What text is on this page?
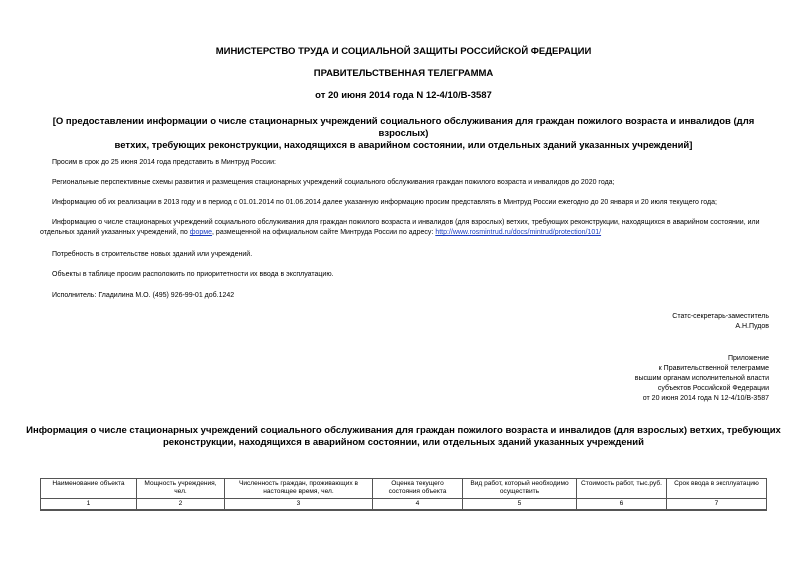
МИНИСТЕРСТВО ТРУДА И СОЦИАЛЬНОЙ ЗАЩИТЫ РОССИЙСКОЙ ФЕДЕРАЦИИ
ПРАВИТЕЛЬСТВЕННАЯ ТЕЛЕГРАММА
от 20 июня 2014 года N 12-4/10/В-3587
[О предоставлении информации о числе стационарных учреждений социального обслуживания для граждан пожилого возраста и инвалидов (для взрослых)
ветхих, требующих реконструкции, находящихся в аварийном состоянии, или отдельных зданий указанных учреждений]
Просим в срок до 25 июня 2014 года представить в Минтруд России:
Региональные перспективные схемы развития и размещения стационарных учреждений социального обслуживания граждан пожилого возраста и инвалидов до 2020 года;
Информацию об их реализации в 2013 году и в период с 01.01.2014 по 01.06.2014 далее указанную информацию просим представлять в Минтруд России ежегодно до 20 января и 20 июля текущего года;
Информацию о числе стационарных учреждений социального обслуживания для граждан пожилого возраста и инвалидов (для взрослых) ветхих, требующих реконструкции, находящихся в аварийном состоянии, или отдельных зданий указанных учреждений, по форме, размещенной на официальном сайте Минтруда России по адресу: http://www.rosmintrud.ru/docs/mintrud/protection/101/
Потребность в строительстве новых зданий или учреждений.
Объекты в таблице просим расположить по приоритетности их ввода в эксплуатацию.
Исполнитель: Гладилина М.О. (495) 926-99-01 доб.1242
Статс-секретарь-заместитель
А.Н.Пудов
Приложение
к Правительственной телеграмме
высшим органам исполнительной власти
субъектов Российской Федерации
от 20 июня 2014 года N 12-4/10/В-3587
Информация о числе стационарных учреждений социального обслуживания для граждан пожилого возраста и инвалидов (для взрослых) ветхих, требующих
реконструкции, находящихся в аварийном состоянии, или отдельных зданий указанных учреждений
Наименование объекта	Мощность учреждения, чел.	Численность граждан, проживающих в настоящее время, чел.	Оценка текущего состояния объекта	Вид работ, который необходимо осуществить	Стоимость работ, тыс.руб.	Срок ввода в эксплуатацию
1	2	3	4	5	6	7
